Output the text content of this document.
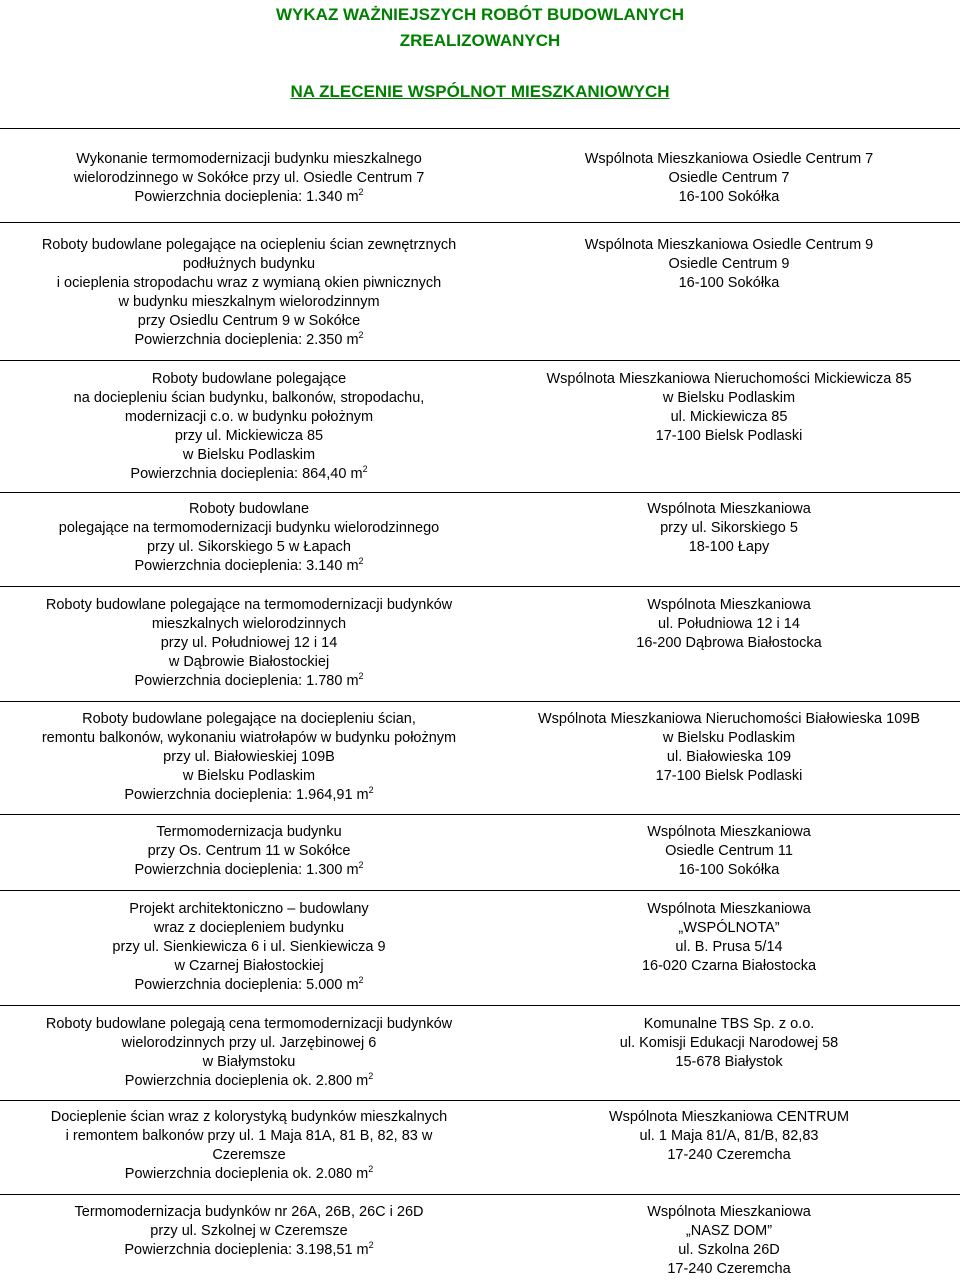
WYKAZ WAŻNIEJSZYCH ROBÓT BUDOWLANYCH
ZREALIZOWANYCH
NA ZLECENIE WSPÓLNOT MIESZKANIOWYCH
Wykonanie termomodernizacji budynku mieszkalnego
wielorodzinnego w Sokółce przy ul. Osiedle Centrum 7
Powierzchnia docieplenia: 1.340 $m^2$
Wspólnota Mieszkaniowa Osiedle Centrum 7
Osiedle Centrum 7
16-100 Sokółka
Roboty budowlane polegające na ociepleniu ścian zewnętrznych
podłużnych budynku
i ocieplenia stropodachu wraz z wymianą okien piwnicznych
w budynku mieszkalnym wielorodzinnym
przy Osiedlu Centrum 9 w Sokółce
Powierzchnia docieplenia: 2.350 $m^2$
Wspólnota Mieszkaniowa Osiedle Centrum 9
Osiedle Centrum 9
16-100 Sokółka
Roboty budowlane polegające
na dociepleniu ścian budynku, balkonów, stropodachu,
modernizacji c.o. w budynku położnym
przy ul. Mickiewicza 85
w Bielsku Podlaskim
Powierzchnia docieplenia: 864,40 $m^2$
Wspólnota Mieszkaniowa Nieruchomości Mickiewicza 85
w Bielsku Podlaskim
ul. Mickiewicza 85
17-100 Bielsk Podlaski
Roboty budowlane
polegające na termomodernizacji budynku wielorodzinnego
przy ul. Sikorskiego 5 w Łapach
Powierzchnia docieplenia: 3.140 $m^2$
Wspólnota Mieszkaniowa
przy ul. Sikorskiego 5
18-100 Łapy
Roboty budowlane polegające na termomodernizacji budynków
mieszkalnych wielorodzinnych
przy ul. Południowej 12 i 14
w Dąbrowie Białostockiej
Powierzchnia docieplenia: 1.780 $m^2$
Wspólnota Mieszkaniowa
ul. Południowa 12 i 14
16-200 Dąbrowa Białostocka
Roboty budowlane polegające na dociepleniu ścian,
remontu balkonów, wykonaniu wiatrołapów w budynku położnym
przy ul. Białowieskiej 109B
w Bielsku Podlaskim
Powierzchnia docieplenia: 1.964,91 $m^2$
Wspólnota Mieszkaniowa Nieruchomości Białowieska 109B
w Bielsku Podlaskim
ul. Białowieska 109
17-100 Bielsk Podlaski
Termomodernizacja budynku
przy Os. Centrum 11 w Sokółce
Powierzchnia docieplenia: 1.300 $m^2$
Wspólnota Mieszkaniowa
Osiedle Centrum 11
16-100 Sokółka
Projekt architektoniczno – budowlany
wraz z dociepleniem budynku
przy ul. Sienkiewicza 6 i ul. Sienkiewicza 9
w Czarnej Białostockiej
Powierzchnia docieplenia: 5.000 $m^2$
Wspólnota Mieszkaniowa
„WSPÓLNOTA”
ul. B. Prusa 5/14
16-020 Czarna Białostocka
Roboty budowlane polegają cena termomodernizacji budynków
wielorodzinnych przy ul. Jarzębinowej 6
w Białymstoku
Powierzchnia docieplenia ok. 2.800 $m^2$
Komunalne TBS Sp. z o.o.
ul. Komisji Edukacji Narodowej 58
15-678 Białystok
Docieplenie ścian wraz z kolorystyką budynków mieszkalnych
i remontem balkonów przy ul. 1 Maja 81A, 81 B, 82, 83 w
Czeremsze
Powierzchnia docieplenia ok. 2.080 $m^2$
Wspólnota Mieszkaniowa CENTRUM
ul. 1 Maja 81/A, 81/B, 82,83
17-240 Czeremcha
Termomodernizacja budynków nr 26A, 26B, 26C i 26D
przy ul. Szkolnej w Czeremsze
Powierzchnia docieplenia: 3.198,51 $m^2$
Wspólnota Mieszkaniowa
„NASZ DOM”
ul. Szkolna 26D
17-240 Czeremcha
